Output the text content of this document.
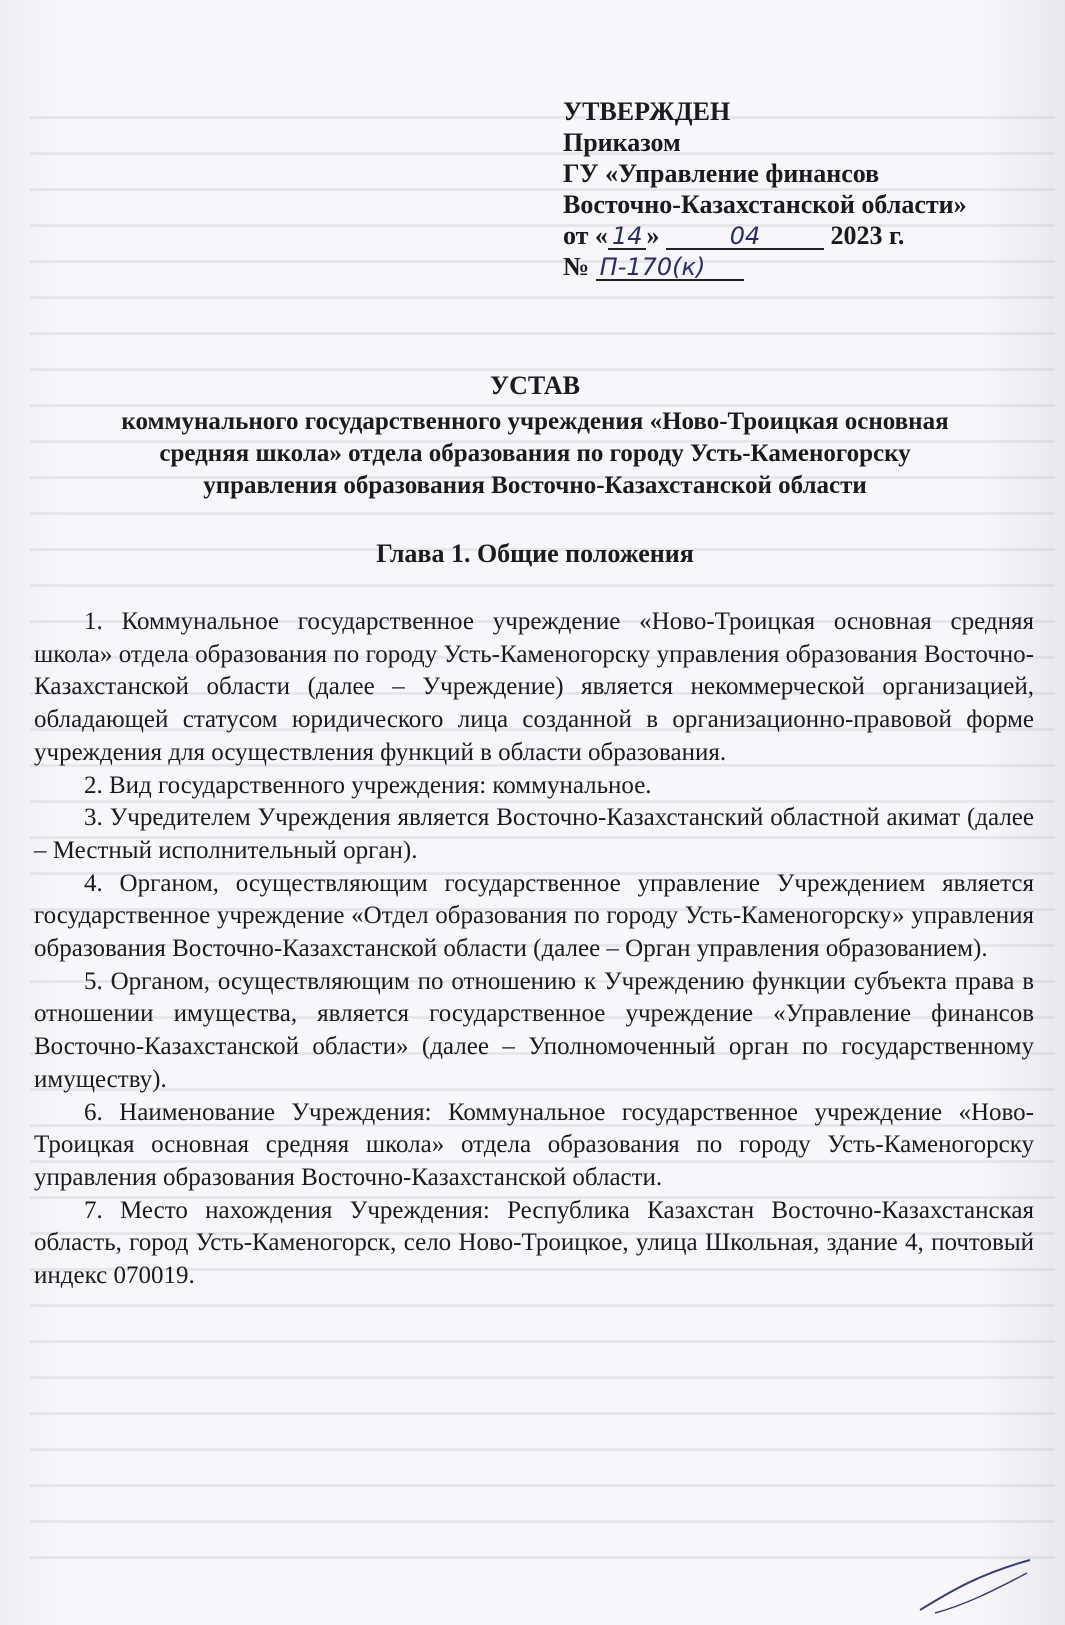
УТВЕРЖДЕН
Приказом
ГУ «Управление финансов
Восточно-Казахстанской области»
от « 14 »	04	2023 г.
№ П-170(к)
УСТАВ
коммунального государственного учреждения «Ново-Троицкая основная
средняя школа» отдела образования по городу Усть-Каменогорску
управления образования Восточно-Казахстанской области
Глава 1. Общие положения

1. Коммунальное государственное учреждение «Ново-Троицкая основная средняя школа» отдела образования по городу Усть-Каменогорску управления образования Восточно-Казахстанской области (далее – Учреждение) является некоммерческой организацией, обладающей статусом юридического лица созданной в организационно-правовой форме учреждения для осуществления функций в области образования.

2. Вид государственного учреждения: коммунальное.

3. Учредителем Учреждения является Восточно-Казахстанский областной акимат (далее – Местный исполнительный орган).

4. Органом, осуществляющим государственное управление Учреждением является государственное учреждение «Отдел образования по городу Усть-Каменогорску» управления образования Восточно-Казахстанской области (далее – Орган управления образованием).

5. Органом, осуществляющим по отношению к Учреждению функции субъекта права в отношении имущества, является государственное учреждение «Управление финансов Восточно-Казахстанской области» (далее – Уполномоченный орган по государственному имуществу).

6. Наименование Учреждения: Коммунальное государственное учреждение «Ново-Троицкая основная средняя школа» отдела образования по городу Усть-Каменогорску управления образования Восточно-Казахстанской области.

7. Место нахождения Учреждения: Республика Казахстан Восточно-Казахстанская область, город Усть-Каменогорск, село Ново-Троицкое, улица Школьная, здание 4, почтовый индекс 070019.
